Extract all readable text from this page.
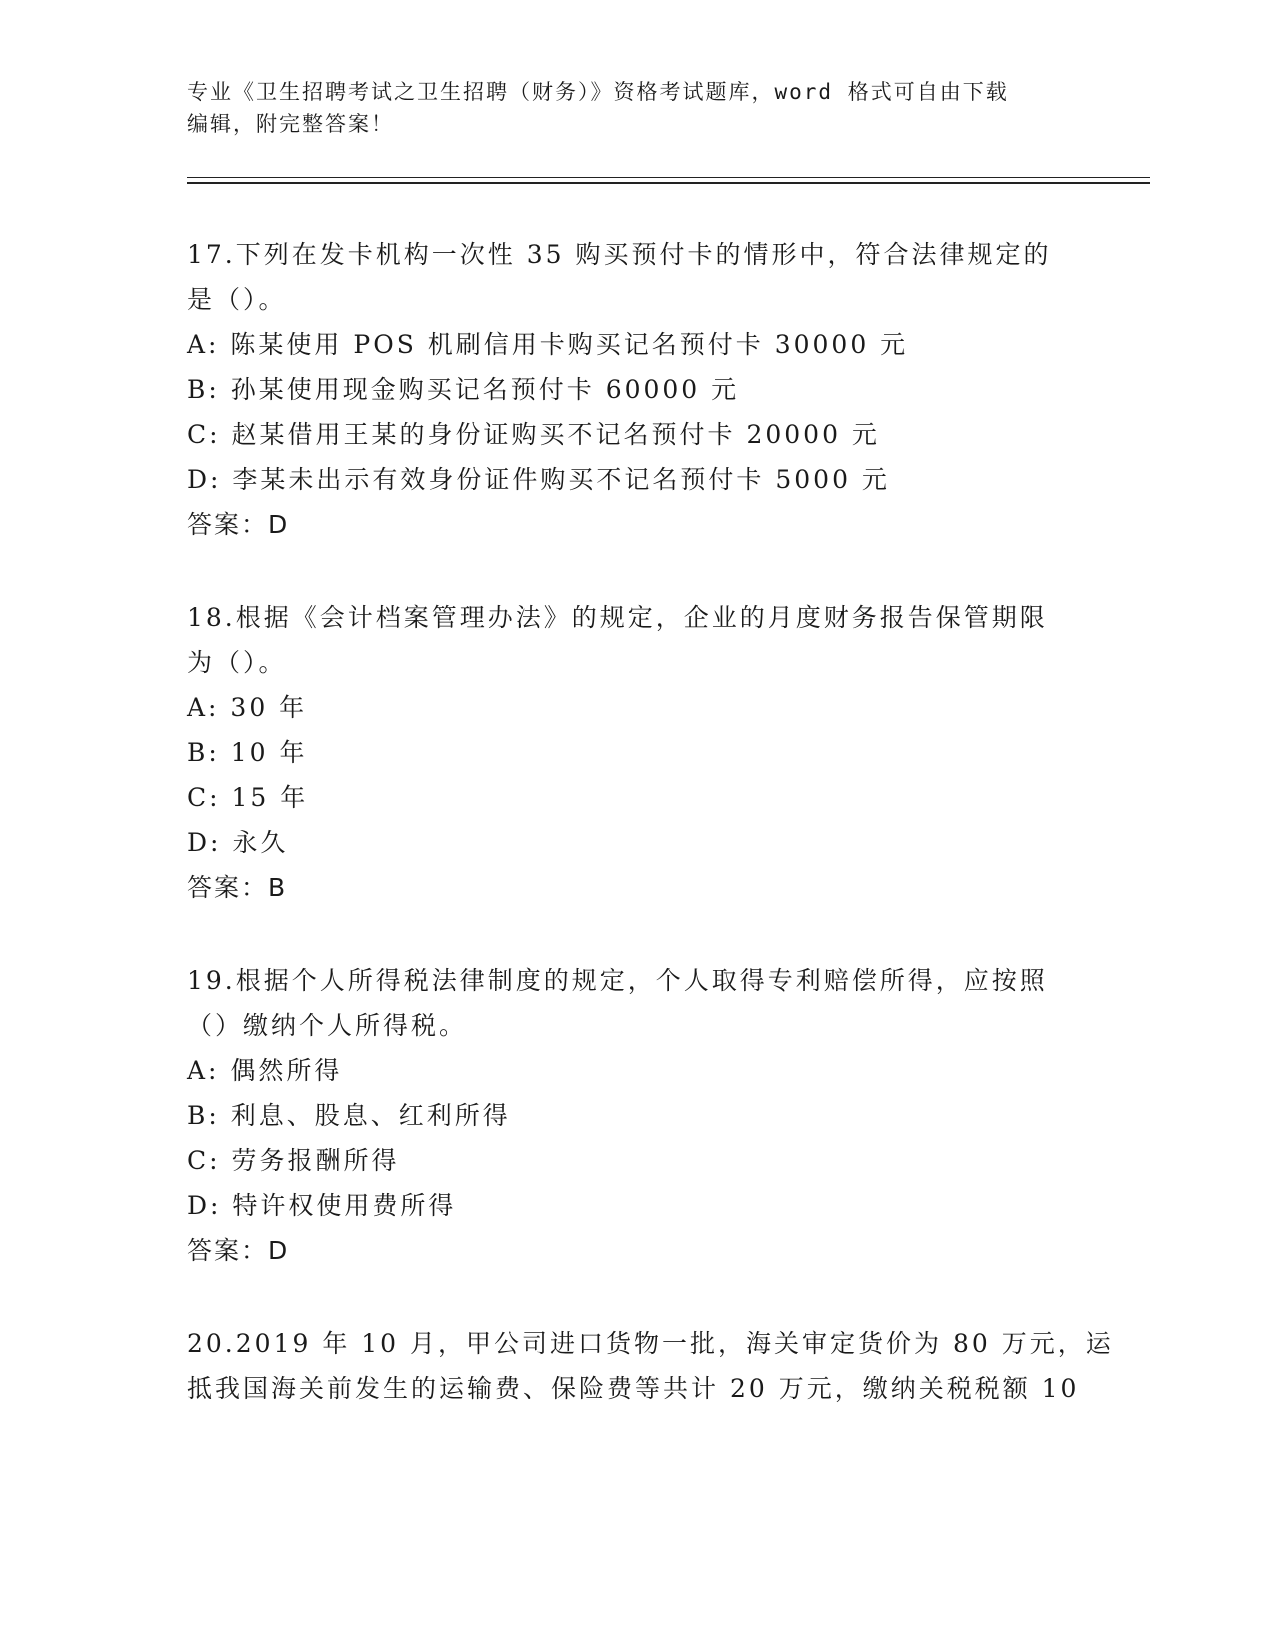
专业《卫生招聘考试之卫生招聘（财务）》资格考试题库，word 格式可自由下载
编辑，附完整答案！
17.下列在发卡机构一次性 35 购买预付卡的情形中，符合法律规定的
是（）。
A: 陈某使用 POS 机刷信用卡购买记名预付卡 30000 元
B: 孙某使用现金购买记名预付卡 60000 元
C: 赵某借用王某的身份证购买不记名预付卡 20000 元
D: 李某未出示有效身份证件购买不记名预付卡 5000 元
答案：D
18.根据《会计档案管理办法》的规定，企业的月度财务报告保管期限
为（）。
A: 30 年
B: 10 年
C: 15 年
D: 永久
答案：B
19.根据个人所得税法律制度的规定，个人取得专利赔偿所得，应按照
（）缴纳个人所得税。
A: 偶然所得
B: 利息、股息、红利所得
C: 劳务报酬所得
D: 特许权使用费所得
答案：D
20.2019 年 10 月，甲公司进口货物一批，海关审定货价为 80 万元，运
抵我国海关前发生的运输费、保险费等共计 20 万元，缴纳关税税额 10
